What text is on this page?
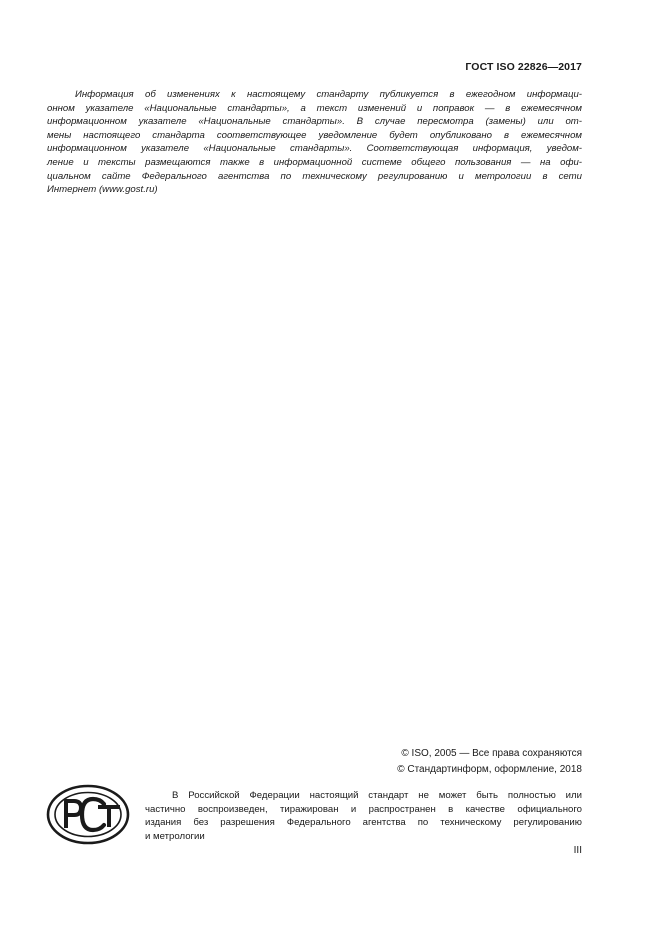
ГОСТ ISO 22826—2017
Информация об изменениях к настоящему стандарту публикуется в ежегодном информаци-
онном указателе «Национальные стандарты», а текст изменений и поправок — в ежемесячном
информационном указателе «Национальные стандарты». В случае пересмотра (замены) или от-
мены настоящего стандарта соответствующее уведомление будет опубликовано в ежемесячном
информационном указателе «Национальные стандарты». Соответствующая информация, уведом-
ление и тексты размещаются также в информационной системе общего пользования — на офи-
циальном сайте Федерального агентства по техническому регулированию и метрологии в сети
Интернет (www.gost.ru)
© ISO, 2005 — Все права сохраняются
© Стандартинформ, оформление, 2018
В Российской Федерации настоящий стандарт не может быть полностью или
частично воспроизведен, тиражирован и распространен в качестве официального
издания без разрешения Федерального агентства по техническому регулированию
и метрологии
III
